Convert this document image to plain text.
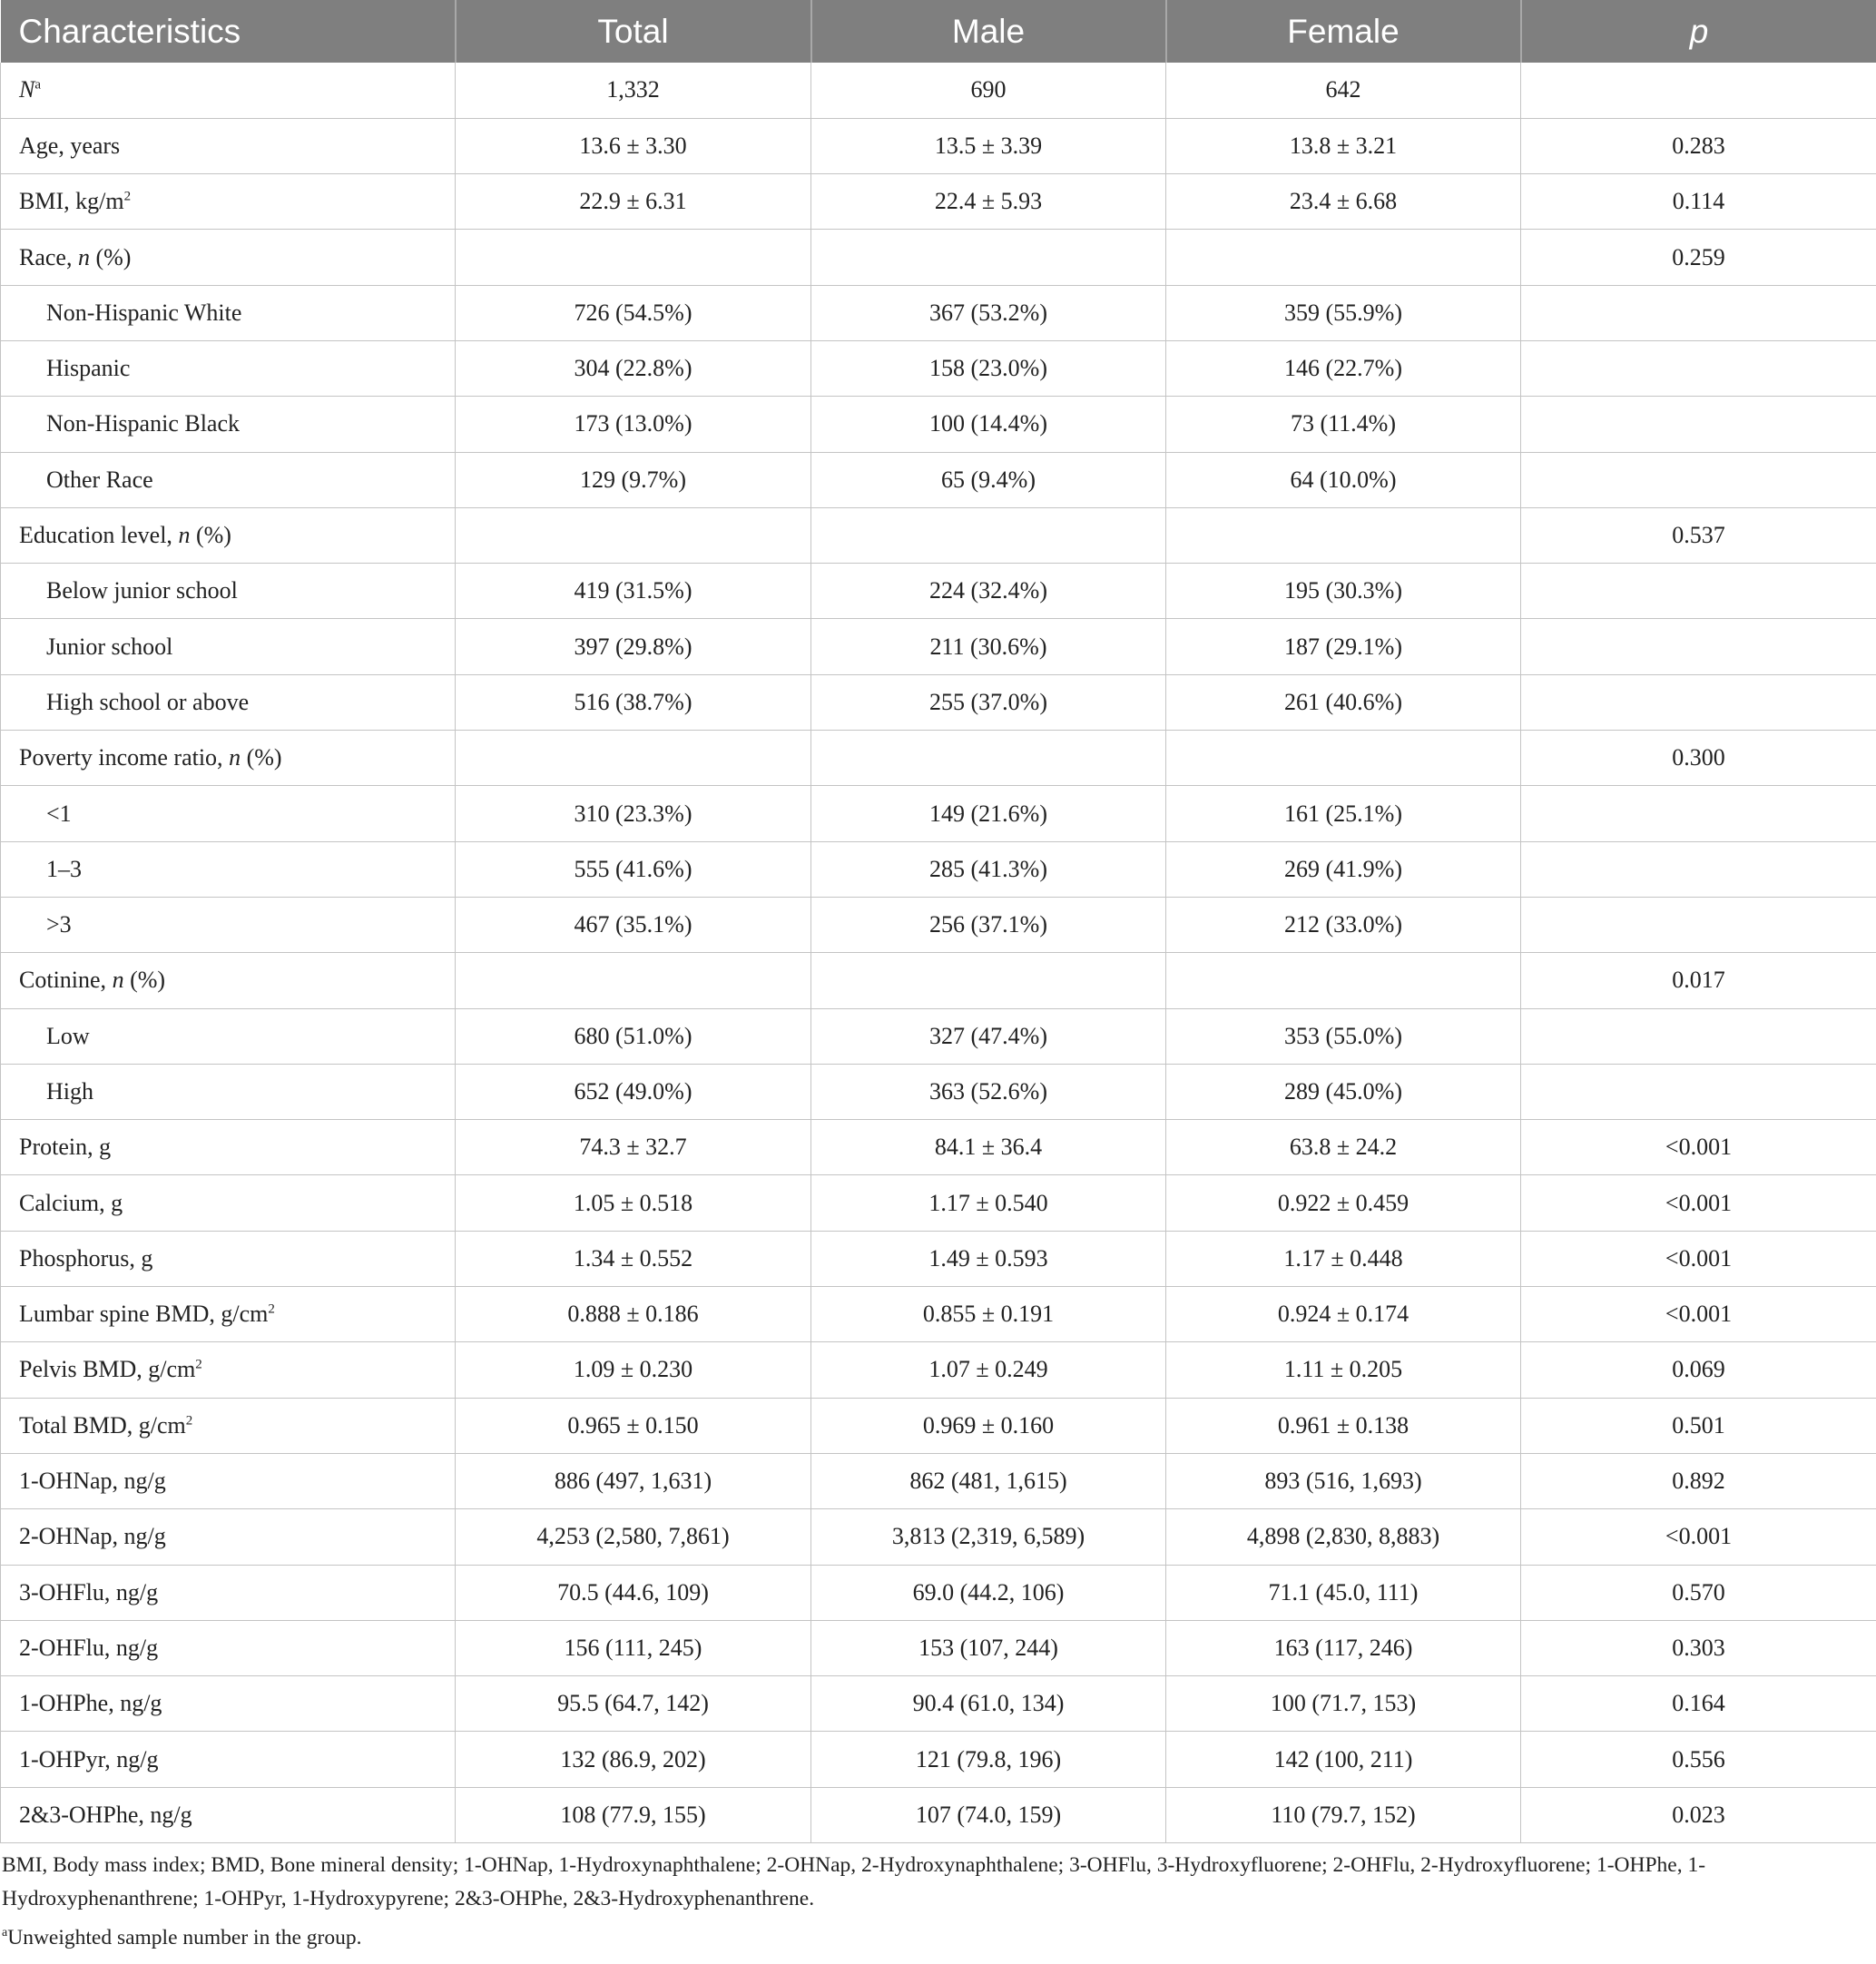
Characteristics	Total	Male	Female	p
$N^a$	1,332	690	642	
Age, years	13.6 ± 3.30	13.5 ± 3.39	13.8 ± 3.21	0.283
BMI, $kg/m^2$	22.9 ± 6.31	22.4 ± 5.93	23.4 ± 6.68	0.114
Race, n (%)				0.259
Non-Hispanic White	726 (54.5%)	367 (53.2%)	359 (55.9%)	
Hispanic	304 (22.8%)	158 (23.0%)	146 (22.7%)	
Non-Hispanic Black	173 (13.0%)	100 (14.4%)	73 (11.4%)	
Other Race	129 (9.7%)	65 (9.4%)	64 (10.0%)	
Education level, n (%)				0.537
Below junior school	419 (31.5%)	224 (32.4%)	195 (30.3%)	
Junior school	397 (29.8%)	211 (30.6%)	187 (29.1%)	
High school or above	516 (38.7%)	255 (37.0%)	261 (40.6%)	
Poverty income ratio, n (%)				0.300
<1	310 (23.3%)	149 (21.6%)	161 (25.1%)	
1–3	555 (41.6%)	285 (41.3%)	269 (41.9%)	
>3	467 (35.1%)	256 (37.1%)	212 (33.0%)	
Cotinine, n (%)				0.017
Low	680 (51.0%)	327 (47.4%)	353 (55.0%)	
High	652 (49.0%)	363 (52.6%)	289 (45.0%)	
Protein, g	74.3 ± 32.7	84.1 ± 36.4	63.8 ± 24.2	<0.001
Calcium, g	1.05 ± 0.518	1.17 ± 0.540	0.922 ± 0.459	<0.001
Phosphorus, g	1.34 ± 0.552	1.49 ± 0.593	1.17 ± 0.448	<0.001
Lumbar spine BMD, $g/cm^2$	0.888 ± 0.186	0.855 ± 0.191	0.924 ± 0.174	<0.001
Pelvis BMD, $g/cm^2$	1.09 ± 0.230	1.07 ± 0.249	1.11 ± 0.205	0.069
Total BMD, $g/cm^2$	0.965 ± 0.150	0.969 ± 0.160	0.961 ± 0.138	0.501
1-OHNap, ng/g	886 (497, 1,631)	862 (481, 1,615)	893 (516, 1,693)	0.892
2-OHNap, ng/g	4,253 (2,580, 7,861)	3,813 (2,319, 6,589)	4,898 (2,830, 8,883)	<0.001
3-OHFlu, ng/g	70.5 (44.6, 109)	69.0 (44.2, 106)	71.1 (45.0, 111)	0.570
2-OHFlu, ng/g	156 (111, 245)	153 (107, 244)	163 (117, 246)	0.303
1-OHPhe, ng/g	95.5 (64.7, 142)	90.4 (61.0, 134)	100 (71.7, 153)	0.164
1-OHPyr, ng/g	132 (86.9, 202)	121 (79.8, 196)	142 (100, 211)	0.556
2&3-OHPhe, ng/g	108 (77.9, 155)	107 (74.0, 159)	110 (79.7, 152)	0.023
BMI, Body mass index; BMD, Bone mineral density; 1-OHNap, 1-Hydroxynaphthalene; 2-OHNap, 2-Hydroxynaphthalene; 3-OHFlu, 3-Hydroxyfluorene; 2-OHFlu, 2-Hydroxyfluorene; 1-OHPhe, 1-Hydroxyphenanthrene; 1-OHPyr, 1-Hydroxypyrene; 2&3-OHPhe, 2&3-Hydroxyphenanthrene.
$^a$Unweighted sample number in the group.
